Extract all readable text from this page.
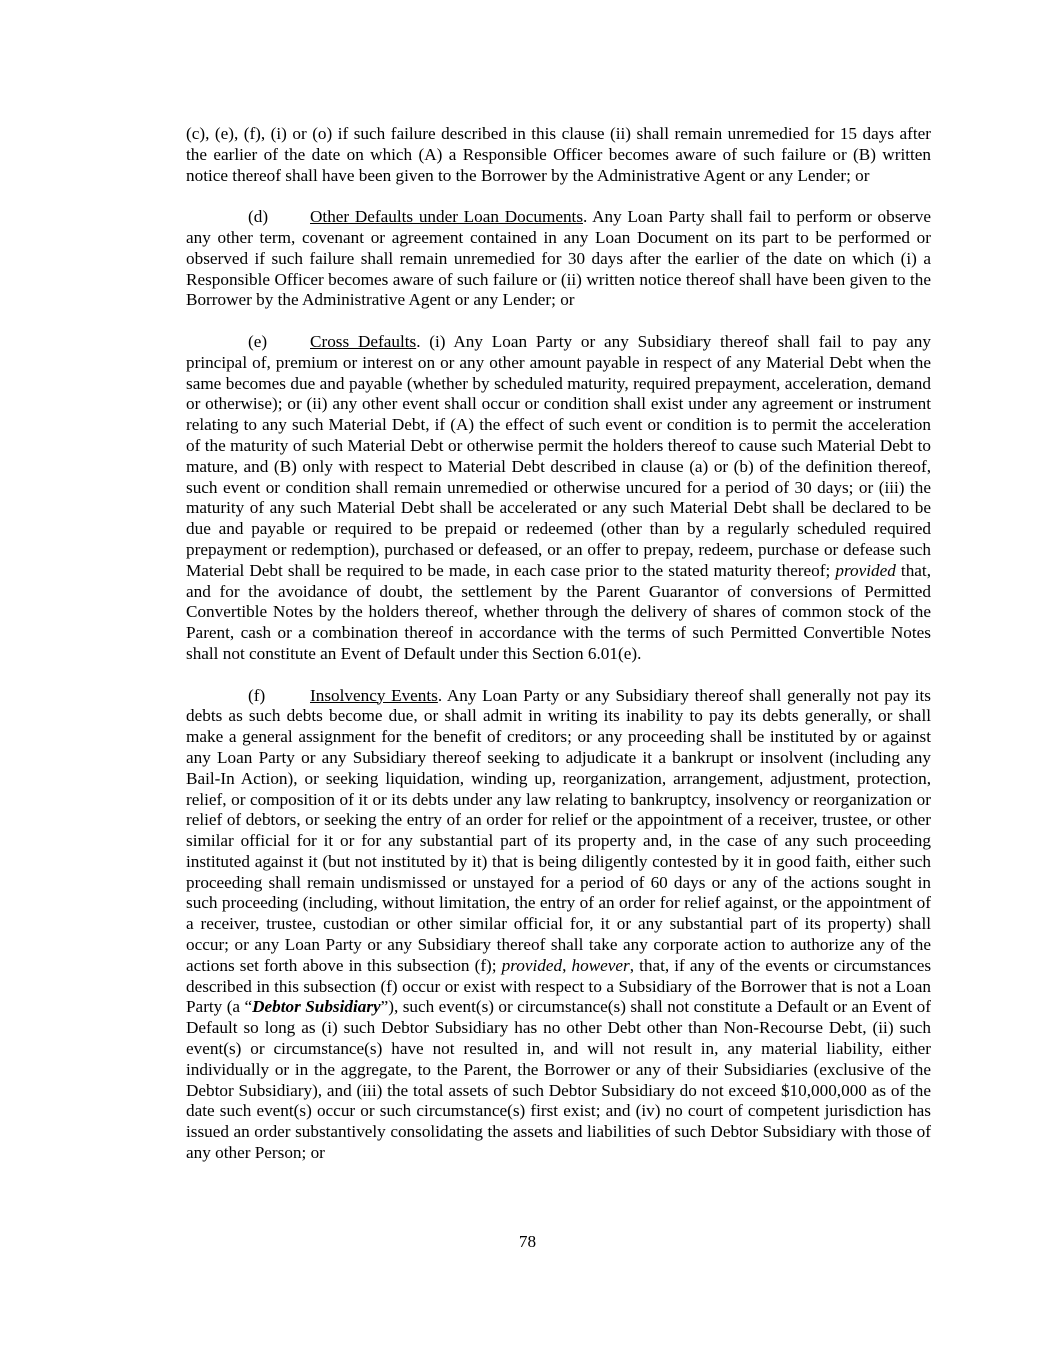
(c), (e), (f), (i) or (o) if such failure described in this clause (ii) shall remain unremedied for 15 days after the earlier of the date on which (A) a Responsible Officer becomes aware of such failure or (B) written notice thereof shall have been given to the Borrower by the Administrative Agent or any Lender; or

(d) Other Defaults under Loan Documents. Any Loan Party shall fail to perform or observe any other term, covenant or agreement contained in any Loan Document on its part to be performed or observed if such failure shall remain unremedied for 30 days after the earlier of the date on which (i) a Responsible Officer becomes aware of such failure or (ii) written notice thereof shall have been given to the Borrower by the Administrative Agent or any Lender; or

(e) Cross Defaults. (i) Any Loan Party or any Subsidiary thereof shall fail to pay any principal of, premium or interest on or any other amount payable in respect of any Material Debt when the same becomes due and payable (whether by scheduled maturity, required prepayment, acceleration, demand or otherwise); or (ii) any other event shall occur or condition shall exist under any agreement or instrument relating to any such Material Debt, if (A) the effect of such event or condition is to permit the acceleration of the maturity of such Material Debt or otherwise permit the holders thereof to cause such Material Debt to mature, and (B) only with respect to Material Debt described in clause (a) or (b) of the definition thereof, such event or condition shall remain unremedied or otherwise uncured for a period of 30 days; or (iii) the maturity of any such Material Debt shall be accelerated or any such Material Debt shall be declared to be due and payable or required to be prepaid or redeemed (other than by a regularly scheduled required prepayment or redemption), purchased or defeased, or an offer to prepay, redeem, purchase or defease such Material Debt shall be required to be made, in each case prior to the stated maturity thereof; provided that, and for the avoidance of doubt, the settlement by the Parent Guarantor of conversions of Permitted Convertible Notes by the holders thereof, whether through the delivery of shares of common stock of the Parent, cash or a combination thereof in accordance with the terms of such Permitted Convertible Notes shall not constitute an Event of Default under this Section 6.01(e).

(f)	Insolvency Events. Any Loan Party or any Subsidiary thereof shall generally not pay its debts as such debts become due, or shall admit in writing its inability to pay its debts generally, or shall make a general assignment for the benefit of creditors; or any proceeding shall be instituted by or against any Loan Party or any Subsidiary thereof seeking to adjudicate it a bankrupt or insolvent (including any Bail-In Action), or seeking liquidation, winding up, reorganization, arrangement, adjustment, protection, relief, or composition of it or its debts under any law relating to bankruptcy, insolvency or reorganization or relief of debtors, or seeking the entry of an order for relief or the appointment of a receiver, trustee, or other similar official for it or for any substantial part of its property and, in the case of any such proceeding instituted against it (but not instituted by it) that is being diligently contested by it in good faith, either such proceeding shall remain undismissed or unstayed for a period of 60 days or any of the actions sought in such proceeding (including, without limitation, the entry of an order for relief against, or the appointment of a receiver, trustee, custodian or other similar official for, it or any substantial part of its property) shall occur; or any Loan Party or any Subsidiary thereof shall take any corporate action to authorize any of the actions set forth above in this subsection (f); provided, however, that, if any of the events or circumstances described in this subsection (f) occur or exist with respect to a Subsidiary of the Borrower that is not a Loan Party (a “Debtor Subsidiary”), such event(s) or circumstance(s) shall not constitute a Default or an Event of Default so long as (i) such Debtor Subsidiary has no other Debt other than Non-Recourse Debt, (ii) such event(s) or circumstance(s) have not resulted in, and will not result in, any material liability, either individually or in the aggregate, to the Parent, the Borrower or any of their Subsidiaries (exclusive of the Debtor Subsidiary), and (iii) the total assets of such Debtor Subsidiary do not exceed $10,000,000 as of the date such event(s) occur or such circumstance(s) first exist; and (iv) no court of competent jurisdiction has issued an order substantively consolidating the assets and liabilities of such Debtor Subsidiary with those of any other Person; or

78
